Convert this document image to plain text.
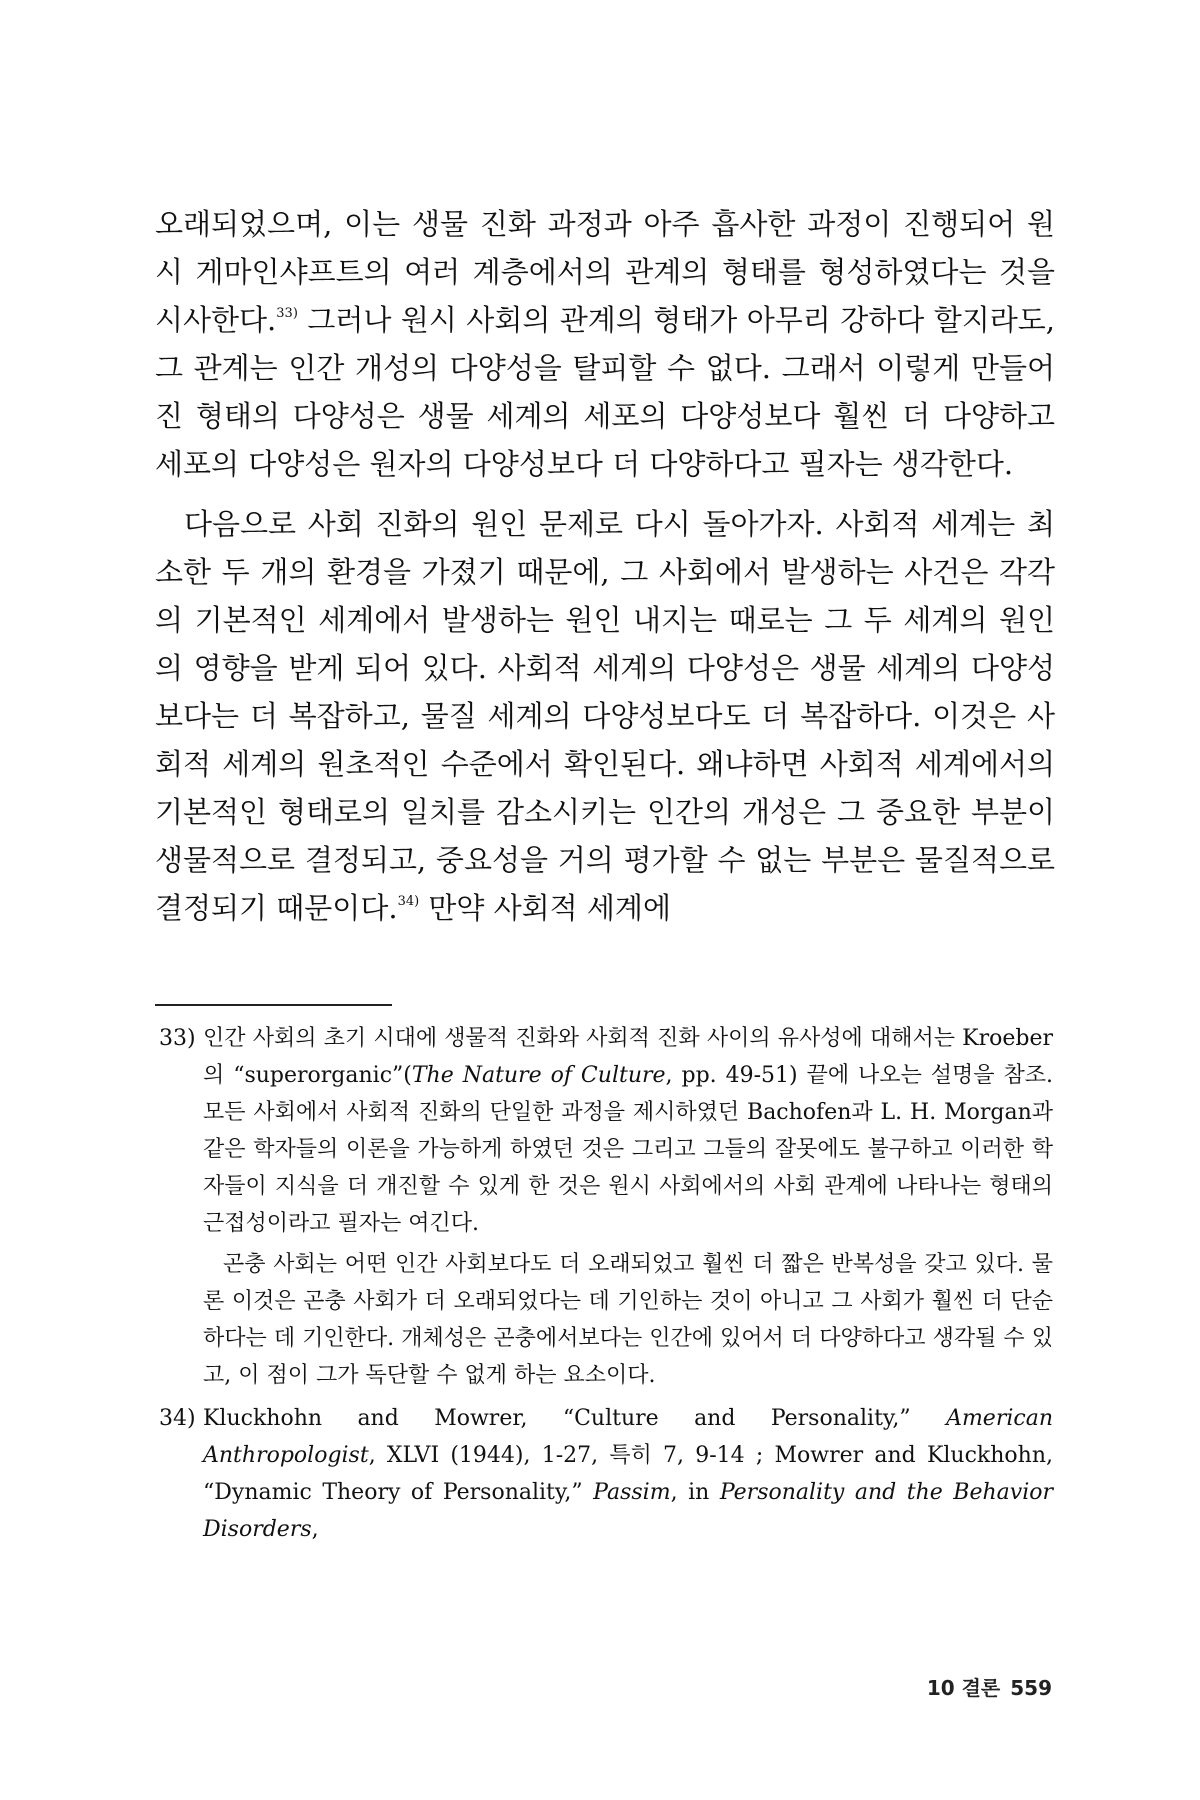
오래되었으며, 이는 생물 진화 과정과 아주 흡사한 과정이 진행되어 원시 게마인샤프트의 여러 계층에서의 관계의 형태를 형성하였다는 것을 시사한다.$^{33)}$ 그러나 원시 사회의 관계의 형태가 아무리 강하다 할지라도, 그 관계는 인간 개성의 다양성을 탈피할 수 없다. 그래서 이렇게 만들어진 형태의 다양성은 생물 세계의 세포의 다양성보다 훨씬 더 다양하고 세포의 다양성은 원자의 다양성보다 더 다양하다고 필자는 생각한다.

다음으로 사회 진화의 원인 문제로 다시 돌아가자. 사회적 세계는 최소한 두 개의 환경을 가졌기 때문에, 그 사회에서 발생하는 사건은 각각의 기본적인 세계에서 발생하는 원인 내지는 때로는 그 두 세계의 원인의 영향을 받게 되어 있다. 사회적 세계의 다양성은 생물 세계의 다양성보다는 더 복잡하고, 물질 세계의 다양성보다도 더 복잡하다. 이것은 사회적 세계의 원초적인 수준에서 확인된다. 왜냐하면 사회적 세계에서의 기본적인 형태로의 일치를 감소시키는 인간의 개성은 그 중요한 부분이 생물적으로 결정되고, 중요성을 거의 평가할 수 없는 부분은 물질적으로 결정되기 때문이다.$^{34)}$ 만약 사회적 세계에

33) 인간 사회의 초기 시대에 생물적 진화와 사회적 진화 사이의 유사성에 대해서는 Kroeber의 “superorganic”(The Nature of Culture, pp. 49-51) 끝에 나오는 설명을 참조. 모든 사회에서 사회적 진화의 단일한 과정을 제시하였던 Bachofen과 L. H. Morgan과 같은 학자들의 이론을 가능하게 하였던 것은 그리고 그들의 잘못에도 불구하고 이러한 학자들이 지식을 더 개진할 수 있게 한 것은 원시 사회에서의 사회 관계에 나타나는 형태의 근접성이라고 필자는 여긴다.
곤충 사회는 어떤 인간 사회보다도 더 오래되었고 훨씬 더 짧은 반복성을 갖고 있다. 물론 이것은 곤충 사회가 더 오래되었다는 데 기인하는 것이 아니고 그 사회가 훨씬 더 단순하다는 데 기인한다. 개체성은 곤충에서보다는 인간에 있어서 더 다양하다고 생각될 수 있고, 이 점이 그가 독단할 수 없게 하는 요소이다.
34) Kluckhohn and Mowrer, “Culture and Personality,” American Anthropologist, XLVI (1944), 1-27, 특히 7, 9-14 ; Mowrer and Kluckhohn, “Dynamic Theory of Personality,” Passim, in Personality and the Behavior Disorders,
10 결론 559
